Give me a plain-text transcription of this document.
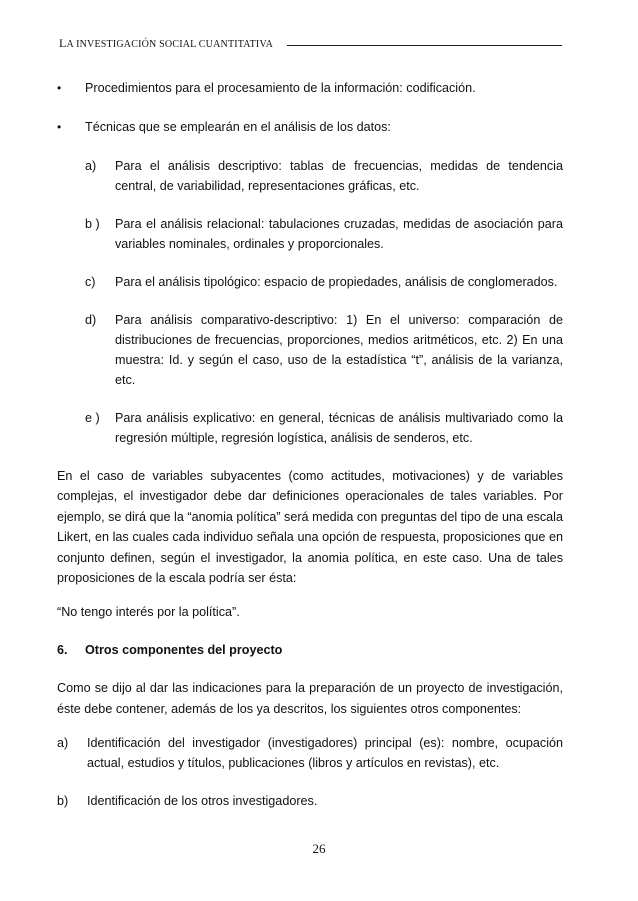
LA INVESTIGACIÓN SOCIAL CUANTITATIVA
•	Procedimientos para el procesamiento de la información: codificación.
•	Técnicas que se emplearán en el análisis de los datos:
a)	Para el análisis descriptivo: tablas de frecuencias, medidas de tendencia central, de variabilidad, representaciones gráficas, etc.
b )	Para el análisis relacional: tabulaciones cruzadas, medidas de asociación para variables nominales, ordinales y proporcionales.
c)	Para el análisis tipológico: espacio de propiedades, análisis de conglomerados.
d)	Para análisis comparativo-descriptivo: 1) En el universo: comparación de distribuciones de frecuencias, proporciones, medios aritméticos, etc. 2) En una muestra: Id. y según el caso, uso de la estadística “t”, análisis de la varianza, etc.
e )	Para análisis explicativo: en general, técnicas de análisis multivariado como la regresión múltiple, regresión logística, análisis de senderos, etc.
En el caso de variables subyacentes (como actitudes, motivaciones) y de variables complejas, el investigador debe dar definiciones operacionales de tales variables. Por ejemplo, se dirá que la “anomia política” será medida con preguntas del tipo de una escala Likert, en las cuales cada individuo señala una opción de respuesta, proposiciones que en conjunto definen, según el investigador, la anomia política, en este caso. Una de tales proposiciones de la escala podría ser ésta:
“No tengo interés por la política”.
6.	Otros componentes del proyecto
Como se dijo al dar las indicaciones para la preparación de un proyecto de investigación, éste debe contener, además de los ya descritos, los siguientes otros componentes:
a)	Identificación del investigador (investigadores) principal (es): nombre, ocupación actual, estudios y títulos, publicaciones (libros y artículos en revistas), etc.
b)	Identificación de los otros investigadores.
26
